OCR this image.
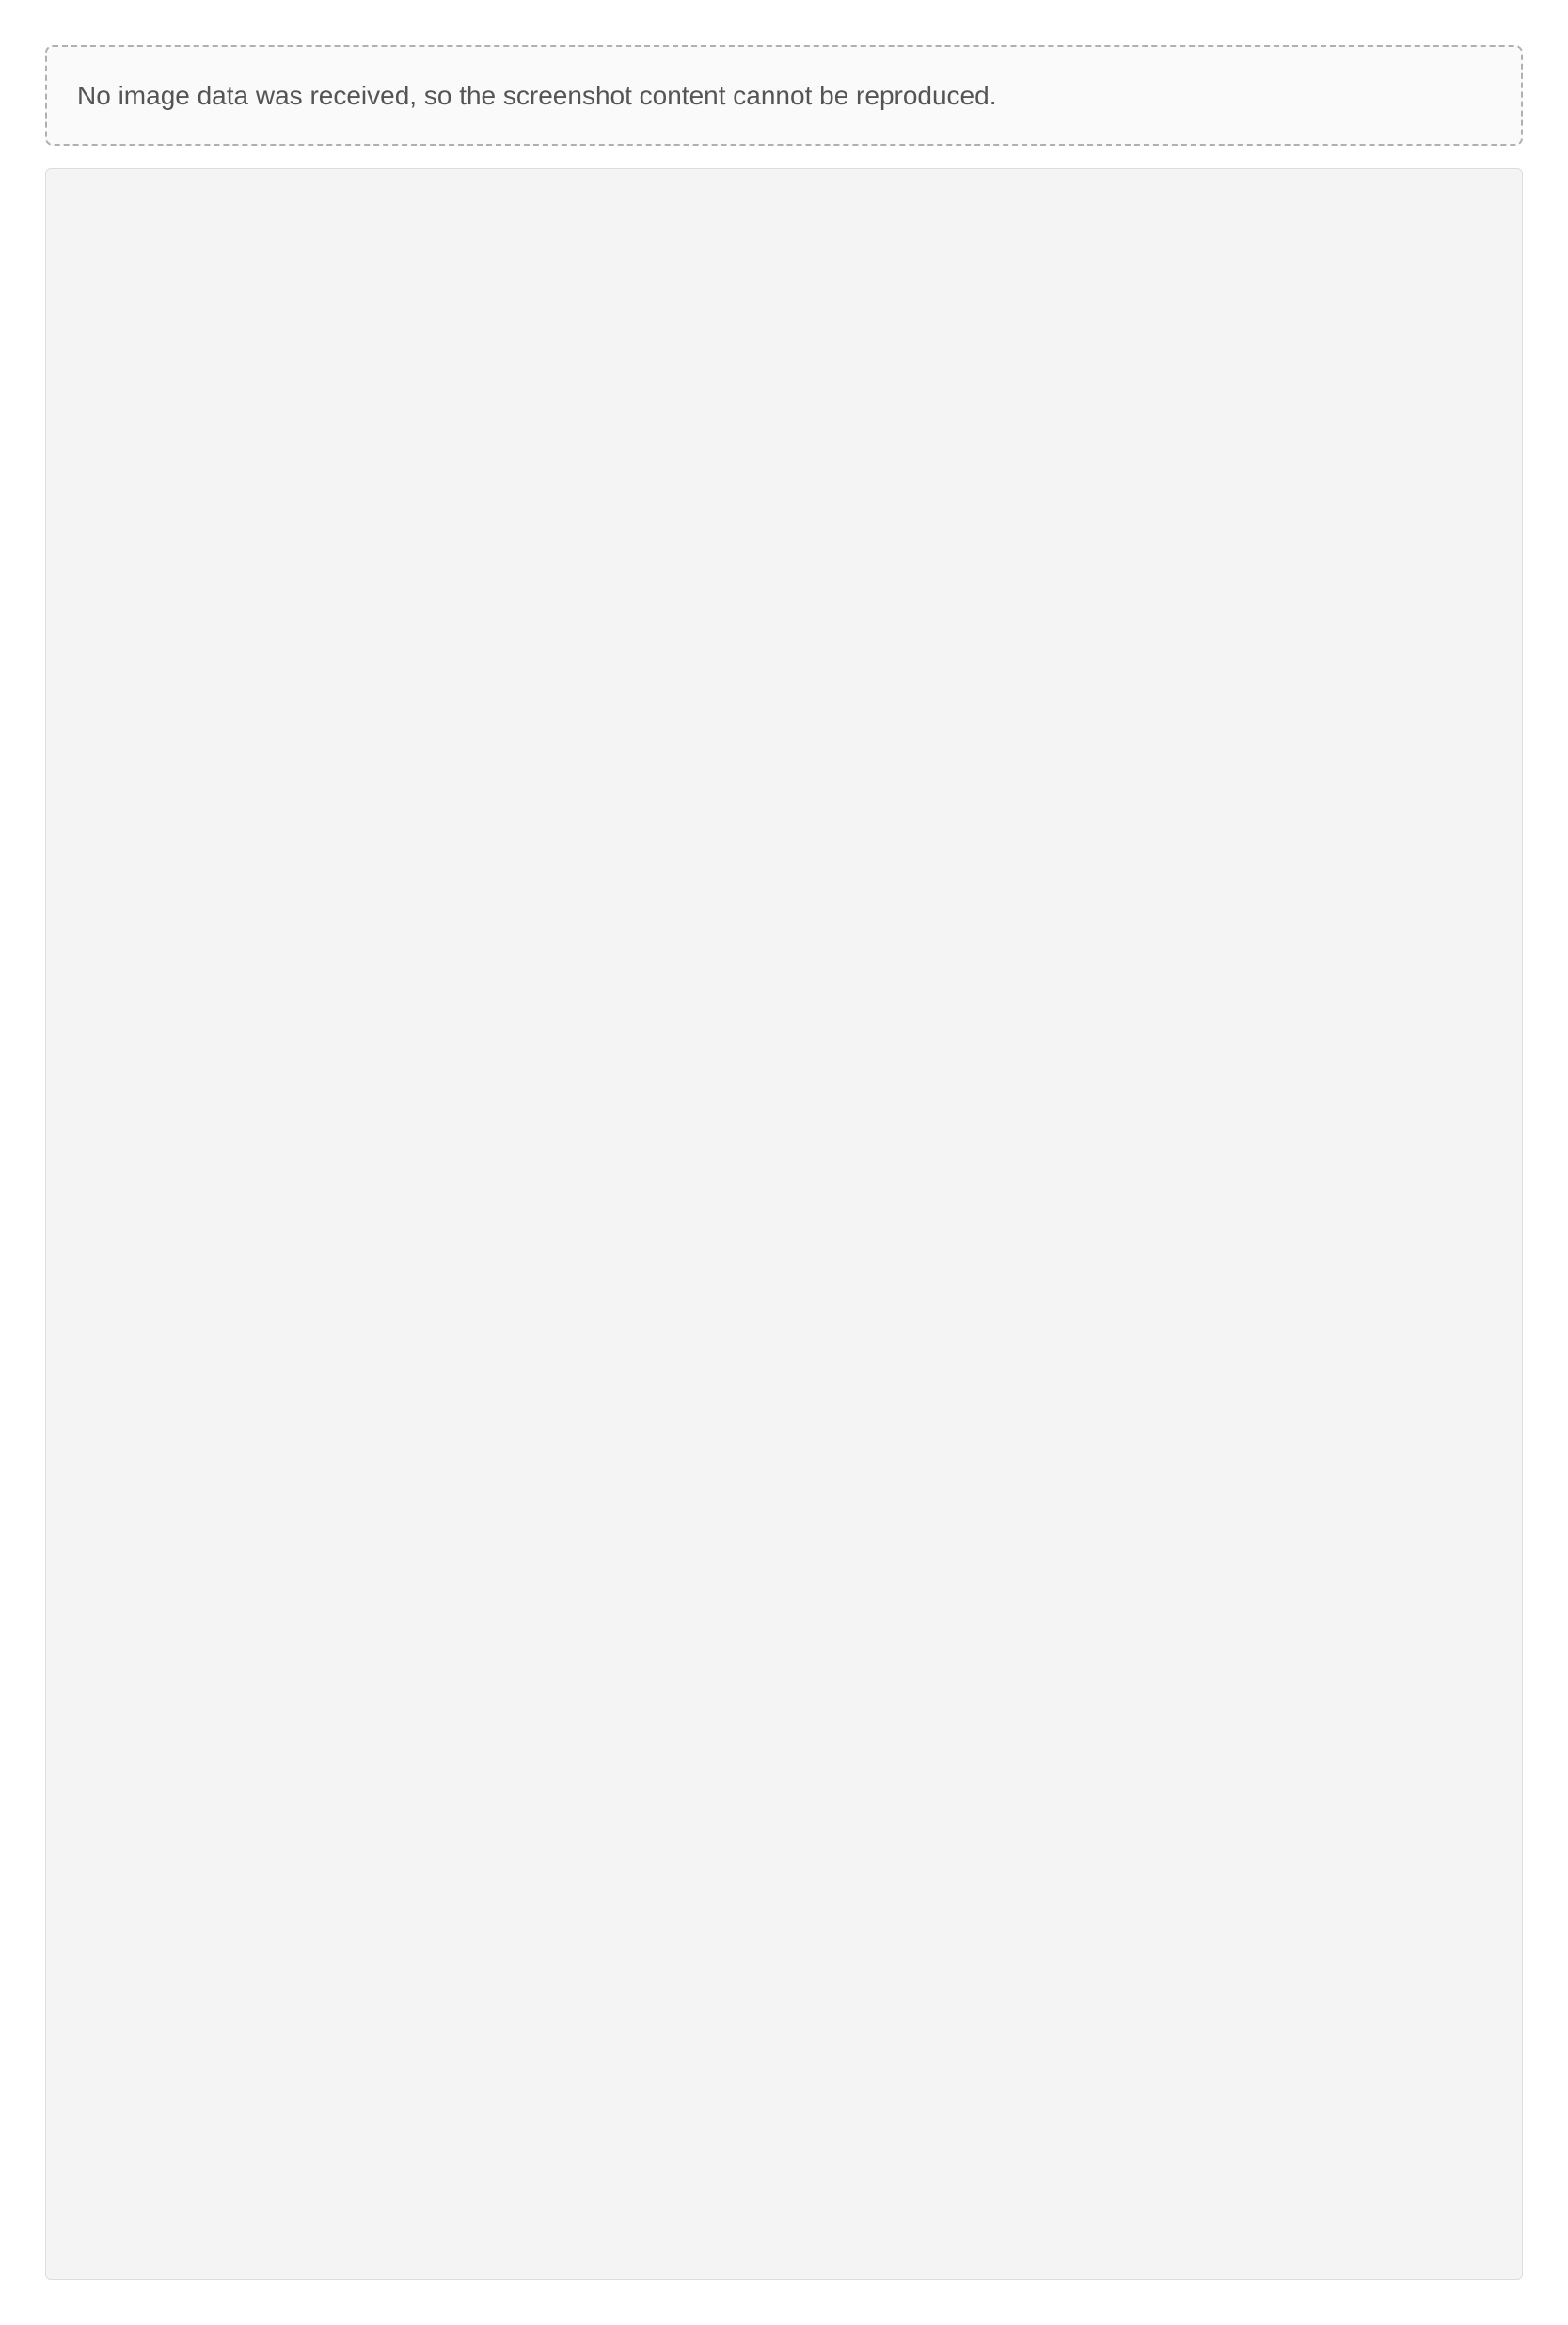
No image data was received, so the screenshot content cannot be reproduced.
